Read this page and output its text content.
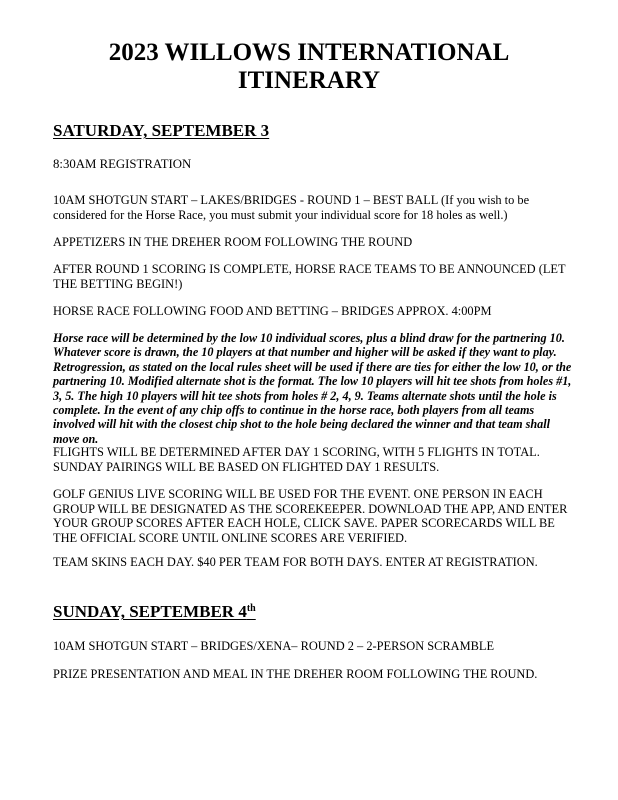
2023 WILLOWS INTERNATIONAL
ITINERARY
SATURDAY, SEPTEMBER 3

8:30AM REGISTRATION

10AM SHOTGUN START – LAKES/BRIDGES - ROUND 1 – BEST BALL (If you wish to be considered for the Horse Race, you must submit your individual score for 18 holes as well.)

APPETIZERS IN THE DREHER ROOM FOLLOWING THE ROUND

AFTER ROUND 1 SCORING IS COMPLETE, HORSE RACE TEAMS TO BE ANNOUNCED (LET THE BETTING BEGIN!)

HORSE RACE FOLLOWING FOOD AND BETTING – BRIDGES APPROX. 4:00PM

Horse race will be determined by the low 10 individual scores, plus a blind draw for the partnering 10. Whatever score is drawn, the 10 players at that number and higher will be asked if they want to play. Retrogression, as stated on the local rules sheet will be used if there are ties for either the low 10, or the partnering 10. Modified alternate shot is the format. The low 10 players will hit tee shots from holes #1, 3, 5. The high 10 players will hit tee shots from holes # 2, 4, 9. Teams alternate shots until the hole is complete. In the event of any chip offs to continue in the horse race, both players from all teams involved will hit with the closest chip shot to the hole being declared the winner and that team shall move on.

FLIGHTS WILL BE DETERMINED AFTER DAY 1 SCORING, WITH 5 FLIGHTS IN TOTAL. SUNDAY PAIRINGS WILL BE BASED ON FLIGHTED DAY 1 RESULTS.

GOLF GENIUS LIVE SCORING WILL BE USED FOR THE EVENT. ONE PERSON IN EACH GROUP WILL BE DESIGNATED AS THE SCOREKEEPER. DOWNLOAD THE APP, AND ENTER YOUR GROUP SCORES AFTER EACH HOLE, CLICK SAVE. PAPER SCORECARDS WILL BE THE OFFICIAL SCORE UNTIL ONLINE SCORES ARE VERIFIED.

TEAM SKINS EACH DAY. $40 PER TEAM FOR BOTH DAYS. ENTER AT REGISTRATION.

SUNDAY, SEPTEMBER 4th

10AM SHOTGUN START – BRIDGES/XENA– ROUND 2 – 2-PERSON SCRAMBLE

PRIZE PRESENTATION AND MEAL IN THE DREHER ROOM FOLLOWING THE ROUND.
